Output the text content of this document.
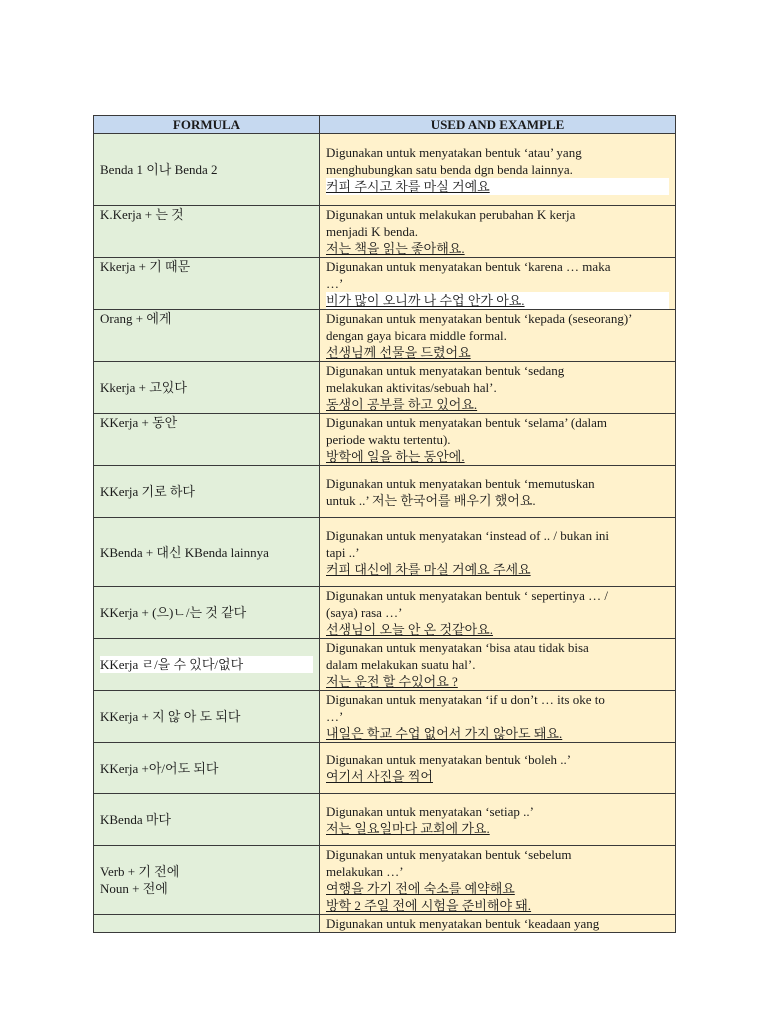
FORMULA	USED AND EXAMPLE

Benda 1 이나 Benda 2	Digunakan untuk menyatakan bentuk ‘atau’ yang
menghubungkan satu benda dgn benda lainnya.
커피 주시고 차를 마실 거예요

K.Kerja + 는 것	Digunakan untuk melakukan perubahan K kerja
menjadi K benda.
저는 책을 읽는 좋아해요.

Kkerja + 기 때문	Digunakan untuk menyatakan bentuk ‘karena … maka
…’
비가 많이 오니까 나 수업 안가 아요.

Orang + 에게	Digunakan untuk menyatakan bentuk ‘kepada (seseorang)’
dengan gaya bicara middle formal.
선생님께 선물을 드렸어요

Kkerja + 고있다	Digunakan untuk menyatakan bentuk ‘sedang
melakukan aktivitas/sebuah hal’.
동생이 공부를 하고 있어요.

KKerja + 동안	Digunakan untuk menyatakan bentuk ‘selama’ (dalam
periode waktu tertentu).
방학에 일을 하는 동안에.

KKerja 기로 하다	Digunakan untuk menyatakan bentuk ‘memutuskan
untuk ..’ 저는 한국어를 배우기 했어요.

KBenda + 대신 KBenda lainnya	Digunakan untuk menyatakan ‘instead of .. / bukan ini
tapi ..’
커피 대신에 차를 마실 거예요 주세요

KKerja + (으)ㄴ/는 것 같다	Digunakan untuk menyatakan bentuk ‘ sepertinya … /
(saya) rasa …’
선생님이 오늘 안 온 것같아요.

KKerja ㄹ/을 수 있다/없다	Digunakan untuk menyatakan ‘bisa atau tidak bisa
dalam melakukan suatu hal’.
저는 운전 할 수있어요 ?

KKerja + 지 않 아 도 되다	Digunakan untuk menyatakan ‘if u don’t … its oke to
…’
내일은 학교 수업 없어서 가지 않아도 돼요.

KKerja +아/어도 되다	Digunakan untuk menyatakan bentuk ‘boleh ..’
여기서 사진을 찍어

KBenda 마다	Digunakan untuk menyatakan ‘setiap ..’
저는 일요일마다 교회에 가요.

Verb + 기 전에
Noun + 전에	Digunakan untuk menyatakan bentuk ‘sebelum
melakukan …’
여행을 가기 전에 숙소를 예약해요
방학 2 주일 전에 시험을 준비해야 돼.

	Digunakan untuk menyatakan bentuk ‘keadaan yang
